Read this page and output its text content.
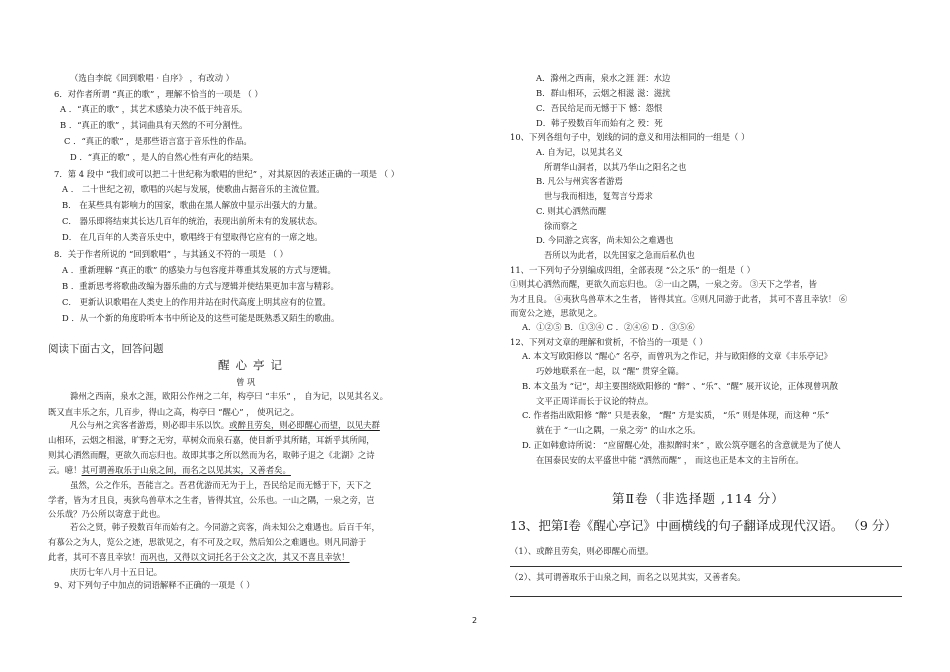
（选自李皖《回到歌唱 · 自序》 ，有改动 ）
6．对作者所谓 “真正的歌” ，理解不恰当的一项是 （ ）
A ．“真正的歌” ，其艺术感染力决不低于纯音乐。
B ．“真正的歌” ，其词曲具有天然的不可分割性。
C ．“真正的歌” ，是那些语言富于音乐性的作品。
D ．“真正的歌” ，是人的自然心性有声化的结果。
7．第 4 段中 “我们或可以把二十世纪称为歌唱的世纪” ，对其原因的表述正确的一项是 （ ）
A ． 二十世纪之初，歌唱的兴起与发展，使歌曲占据音乐的主流位置。
B． 在某些具有影响力的国家，歌曲在黑人解放中显示出强大的力量。
C． 器乐即将结束其长达几百年的统治，表现出前所未有的发展状态。
D． 在几百年的人类音乐史中，歌唱终于有望取得它应有的一席之地。
8．关于作者所说的 “回到歌唱” ，与其涵义不符的一项是 （ ）
A ．重新理解 “真正的歌” 的感染力与包容度并尊重其发展的方式与逻辑。
B ．重新思考将歌曲改编为器乐曲的方式与逻辑并使结果更加丰富与精彩。
C． 更新认识歌唱在人类史上的作用并站在时代高度上明其应有的位置。
D ．从一个新的角度聆听本书中所论及的这些可能是既熟悉又陌生的歌曲。
阅读下面古文，回答问题
醒心亭记
曾 巩
滁州之西南，泉水之涯，欧阳公作州之二年，构亭曰 “丰乐” ， 自为记，以见其名义。
既又直丰乐之东，几百步，得山之高，构亭曰 “醒心” ， 使巩记之。
凡公与州之宾客者游焉，则必即丰乐以饮。或醉且劳矣，则必即醒心而望，以见夫群
山相环，云烟之相滋，旷野之无穷，草树众而泉石嘉，使目新乎其所睹，耳新乎其所闻，
则其心洒然而醒，更欲久而忘归也。故即其事之所以然而为名，取韩子退之《北湖》之诗
云。噫！其可谓善取乐于山泉之间，而名之以见其实，又善者矣。
虽然，公之作乐，吾能言之。吾君优游而无为于上，吾民给足而无憾于下，天下之
学者，皆为才且良，夷狄鸟兽草木之生者，皆得其宜，公乐也。一山之隅，一泉之旁，岂
公乐哉？乃公所以寄意于此也。
若公之贤，韩子殁数百年而始有之。今同游之宾客，尚未知公之难遇也。后百千年，
有慕公之为人，览公之迹，思欲见之，有不可及之叹，然后知公之难遇也。则凡同游于
此者，其可不喜且幸欤！而巩也，又得以文词托名于公文之次，其又不喜且幸欤！
庆历七年八月十五日记。
9、对下列句子中加点的词语解释不正确的一项是（ ）
A．滁州之西南，泉水之涯 涯：水边
B．群山相环，云烟之相滋 滋：滋扰
C．吾民给足而无憾于下 憾：怨恨
D．韩子殁数百年而始有之 殁：死
10、下列各组句子中，划线的词的意义和用法相同的一组是（ ）
A. 自为记，以见其名义
所谓华山洞者，以其乃华山之阳名之也
B. 凡公与州宾客者游焉
世与我而相违，复驾言兮焉求
C. 则其心洒然而醒
徐而察之
D. 今同游之宾客，尚未知公之难遇也
吾所以为此者，以先国家之急而后私仇也
11、一下列句子分别编成四组，全部表现 “公之乐” 的一组是（ ）
①则其心洒然而醒，更欲久而忘归也。 ②一山之隅，一泉之旁。 ③天下之学者，皆
为才且良。 ④夷狄鸟兽草木之生者， 皆得其宜。⑤则凡同游于此者， 其可不喜且幸欤！ ⑥
而宽公之迹，思欲见之。
A．①②⑤ B．①③④ C ．②④⑥ D ．③⑤⑥
12、下列对文章的理解和赏析，不恰当的一项是（ ）
A. 本文写欧阳修以 “醒心” 名亭，而曾巩为之作记，并与欧阳修的文章《丰乐亭记》
巧妙地联系在一起，以 “醒” 贯穿全篇。
B. 本文虽为 “记”，却主要围绕欧阳修的 “醉” 、“乐”、“醒” 展开议论，正体现曾巩散
文平正周详而长于议论的特点。
C. 作者指出欧阳修 “醉” 只是表象， “醒” 方是实质， “乐” 则是体现，而这种 “乐”
就在于 “一山之隅，一泉之旁” 的山水之乐。
D. 正如韩愈诗所说： “应留醒心处，准拟醉时来” ，欧公筑亭题名的含意就是为了使人
在国泰民安的太平盛世中能 “洒然而醒” ， 而这也正是本文的主旨所在。
第Ⅱ卷（非选择题 ,114 分）
13、把第Ⅰ卷《醒心亭记》中画横线的句子翻译成现代汉语。 （9 分）
（1）、或醉且劳矣，则必即醒心而望。
（2）、其可谓善取乐于山泉之间，而名之以见其实，又善者矣。
2
